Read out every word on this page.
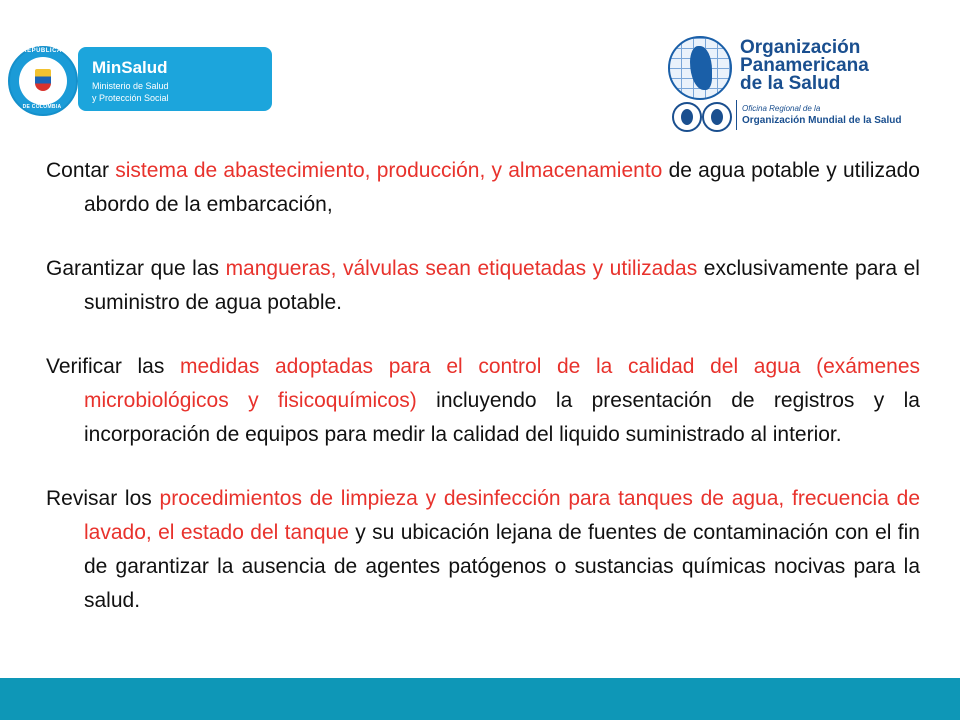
REPÚBLICA
DE COLOMBIA
MinSalud
Ministerio de Salud
y Protección Social
Organización
Panamericana
de la Salud
Oficina Regional de la
Organización Mundial de la Salud

Contar sistema de abastecimiento, producción, y almacenamiento de agua potable y utilizado abordo de la embarcación,

Garantizar que las mangueras, válvulas sean etiquetadas y utilizadas exclusivamente para el suministro de agua potable.

Verificar las medidas adoptadas para el control de la calidad del agua (exámenes microbiológicos y fisicoquímicos) incluyendo la presentación de registros y la incorporación de equipos para medir la calidad del liquido suministrado al interior.

Revisar los procedimientos de limpieza y desinfección para tanques de agua, frecuencia de lavado, el estado del tanque y su ubicación lejana de fuentes de contaminación con el fin de garantizar la ausencia de agentes patógenos o sustancias químicas nocivas para la salud.
